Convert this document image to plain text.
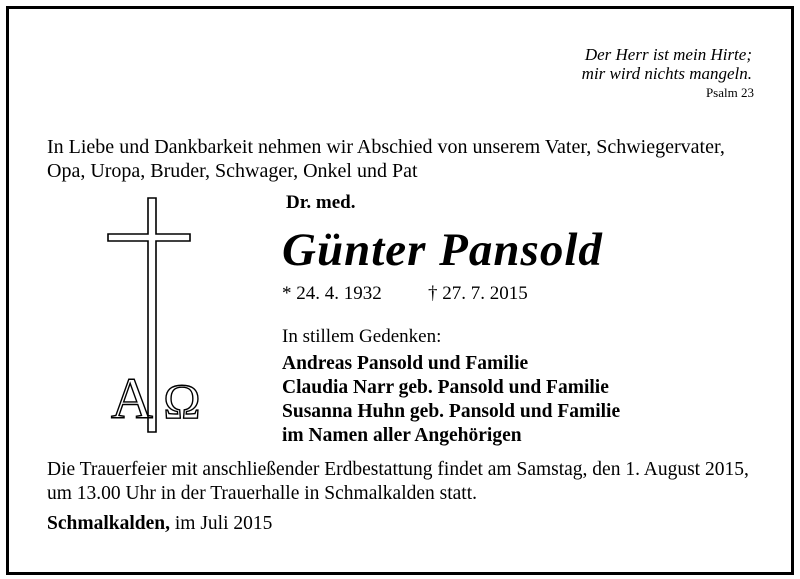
Der Herr ist mein Hirte;
mir wird nichts mangeln.
Psalm 23
In Liebe und Dankbarkeit nehmen wir Abschied von unserem Vater, Schwiegervater,
Opa, Uropa, Bruder, Schwager, Onkel und Pat
A Ω
Dr. med.
Günter Pansold
* 24. 4. 1932 † 27. 7. 2015
In stillem Gedenken:
Andreas Pansold und Familie
Claudia Narr geb. Pansold und Familie
Susanna Huhn geb. Pansold und Familie
im Namen aller Angehörigen
Die Trauerfeier mit anschließender Erdbestattung findet am Samstag, den 1. August 2015,
um 13.00 Uhr in der Trauerhalle in Schmalkalden statt.
Schmalkalden, im Juli 2015
